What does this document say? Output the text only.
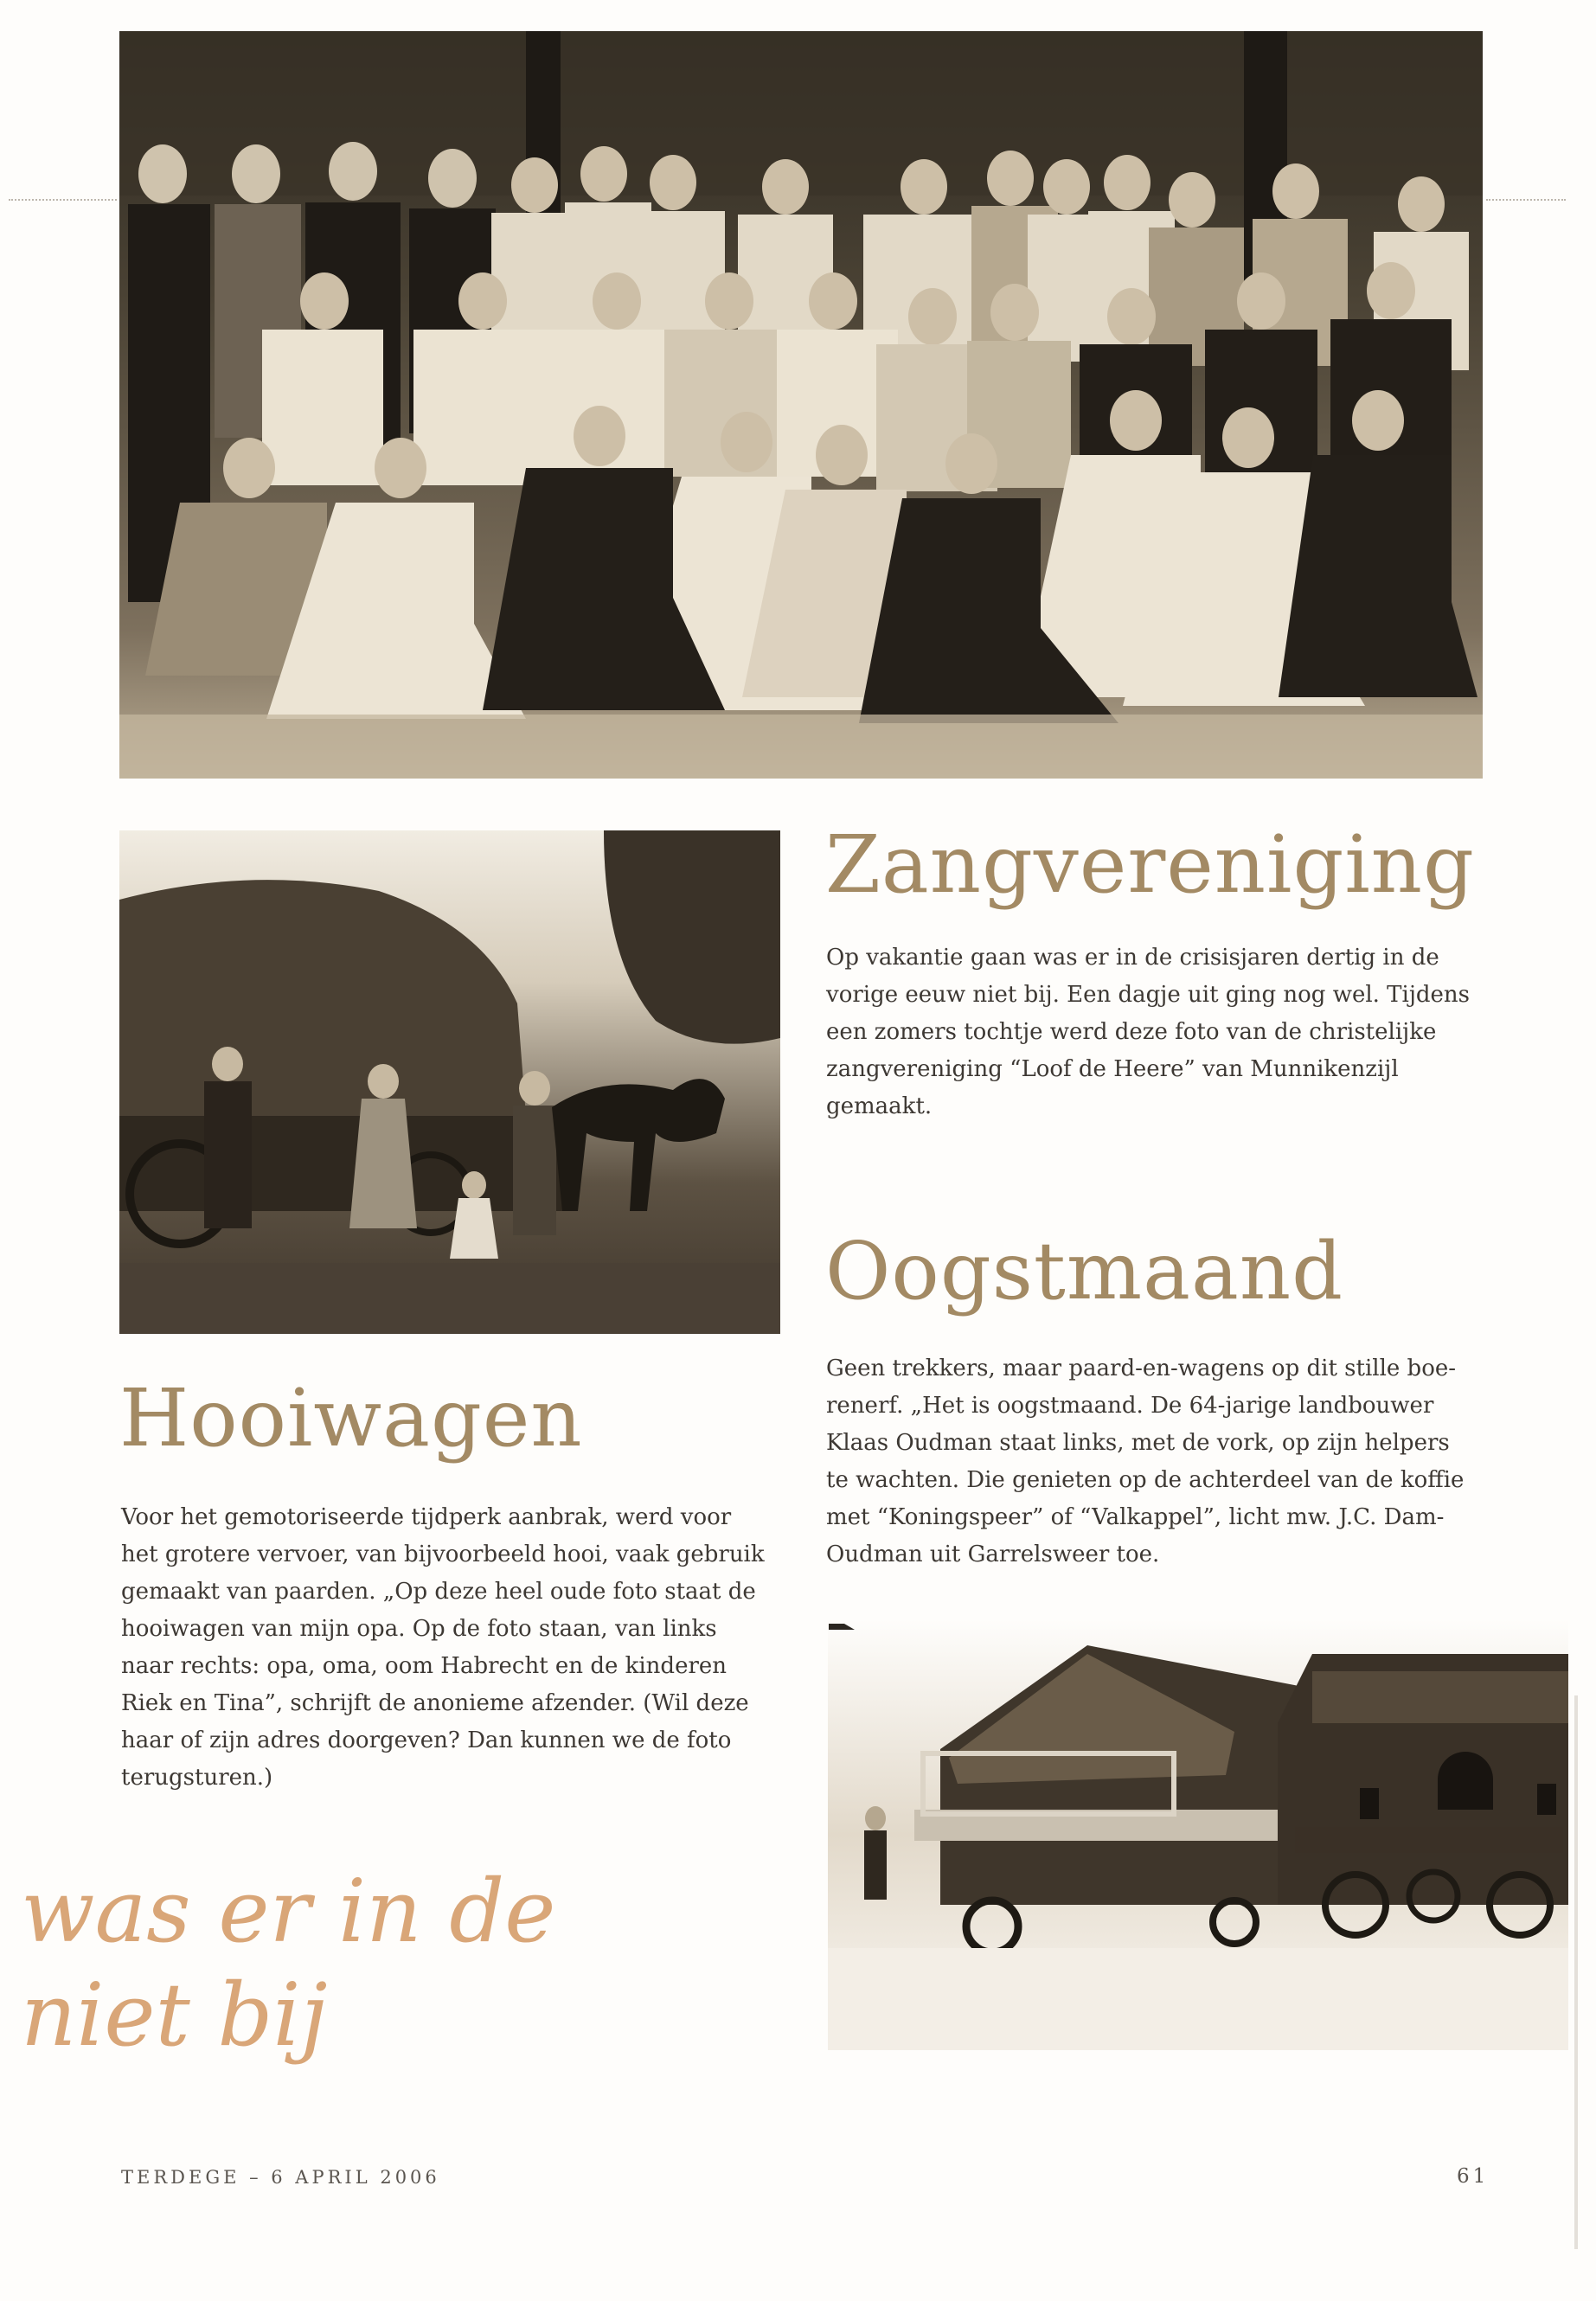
Zangvereniging
Op vakantie gaan was er in de crisisjaren dertig in de
vorige eeuw niet bij. Een dagje uit ging nog wel. Tijdens
een zomers tochtje werd deze foto van de christelijke
zangvereniging “Loof de Heere” van Munnikenzijl
gemaakt.
Oogstmaand
Geen trekkers, maar paard-en-wagens op dit stille boe-
renerf. „Het is oogstmaand. De 64-jarige landbouwer
Klaas Oudman staat links, met de vork, op zijn helpers
te wachten. Die genieten op de achterdeel van de koffie
met “Koningspeer” of “Valkappel”, licht mw. J.C. Dam-
Oudman uit Garrelsweer toe.
Hooiwagen
Voor het gemotoriseerde tijdperk aanbrak, werd voor
het grotere vervoer, van bijvoorbeeld hooi, vaak gebruik
gemaakt van paarden. „Op deze heel oude foto staat de
hooiwagen van mijn opa. Op de foto staan, van links
naar rechts: opa, oma, oom Habrecht en de kinderen
Riek en Tina”, schrijft de anonieme afzender. (Wil deze
haar of zijn adres doorgeven? Dan kunnen we de foto
terugsturen.)
was er in de
niet bij
TERDEGE – 6 APRIL 2006	61
